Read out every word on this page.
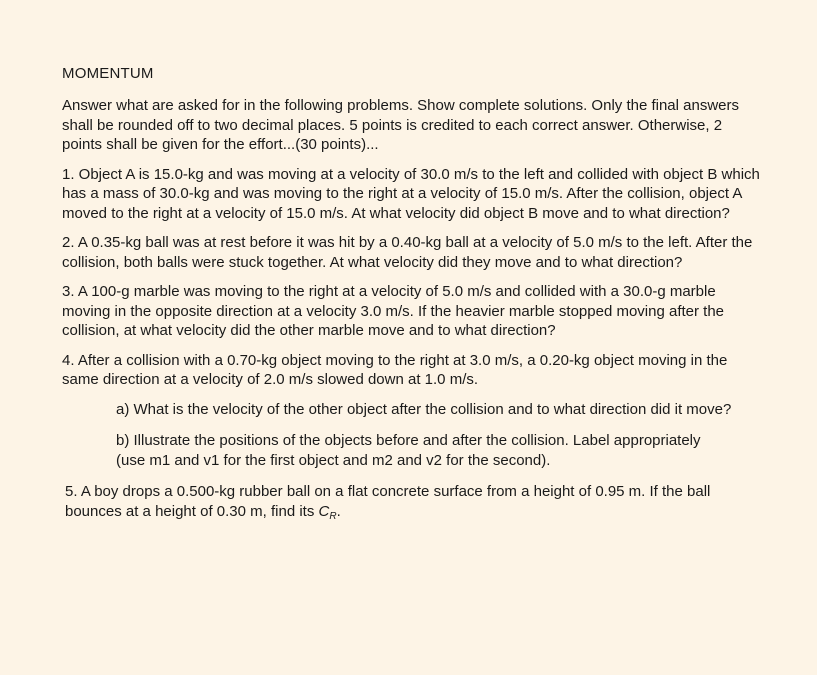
MOMENTUM

Answer what are asked for in the following problems. Show complete solutions. Only the final answers shall be rounded off to two decimal places. 5 points is credited to each correct answer. Otherwise, 2 points shall be given for the effort...(30 points)...

1. Object A is 15.0-kg and was moving at a velocity of 30.0 m/s to the left and collided with object B which has a mass of 30.0-kg and was moving to the right at a velocity of 15.0 m/s. After the collision, object A moved to the right at a velocity of 15.0 m/s. At what velocity did object B move and to what direction?

2. A 0.35-kg ball was at rest before it was hit by a 0.40-kg ball at a velocity of 5.0 m/s to the left. After the collision, both balls were stuck together. At what velocity did they move and to what direction?

3. A 100-g marble was moving to the right at a velocity of 5.0 m/s and collided with a 30.0-g marble moving in the opposite direction at a velocity 3.0 m/s. If the heavier marble stopped moving after the collision, at what velocity did the other marble move and to what direction?

4. After a collision with a 0.70-kg object moving to the right at 3.0 m/s, a 0.20-kg object moving in the same direction at a velocity of 2.0 m/s slowed down at 1.0 m/s.

a) What is the velocity of the other object after the collision and to what direction did it move?

b) Illustrate the positions of the objects before and after the collision. Label appropriately (use m1 and v1 for the first object and m2 and v2 for the second).

5. A boy drops a 0.500-kg rubber ball on a flat concrete surface from a height of 0.95 m. If the ball bounces at a height of 0.30 m, find its $C_R$.
